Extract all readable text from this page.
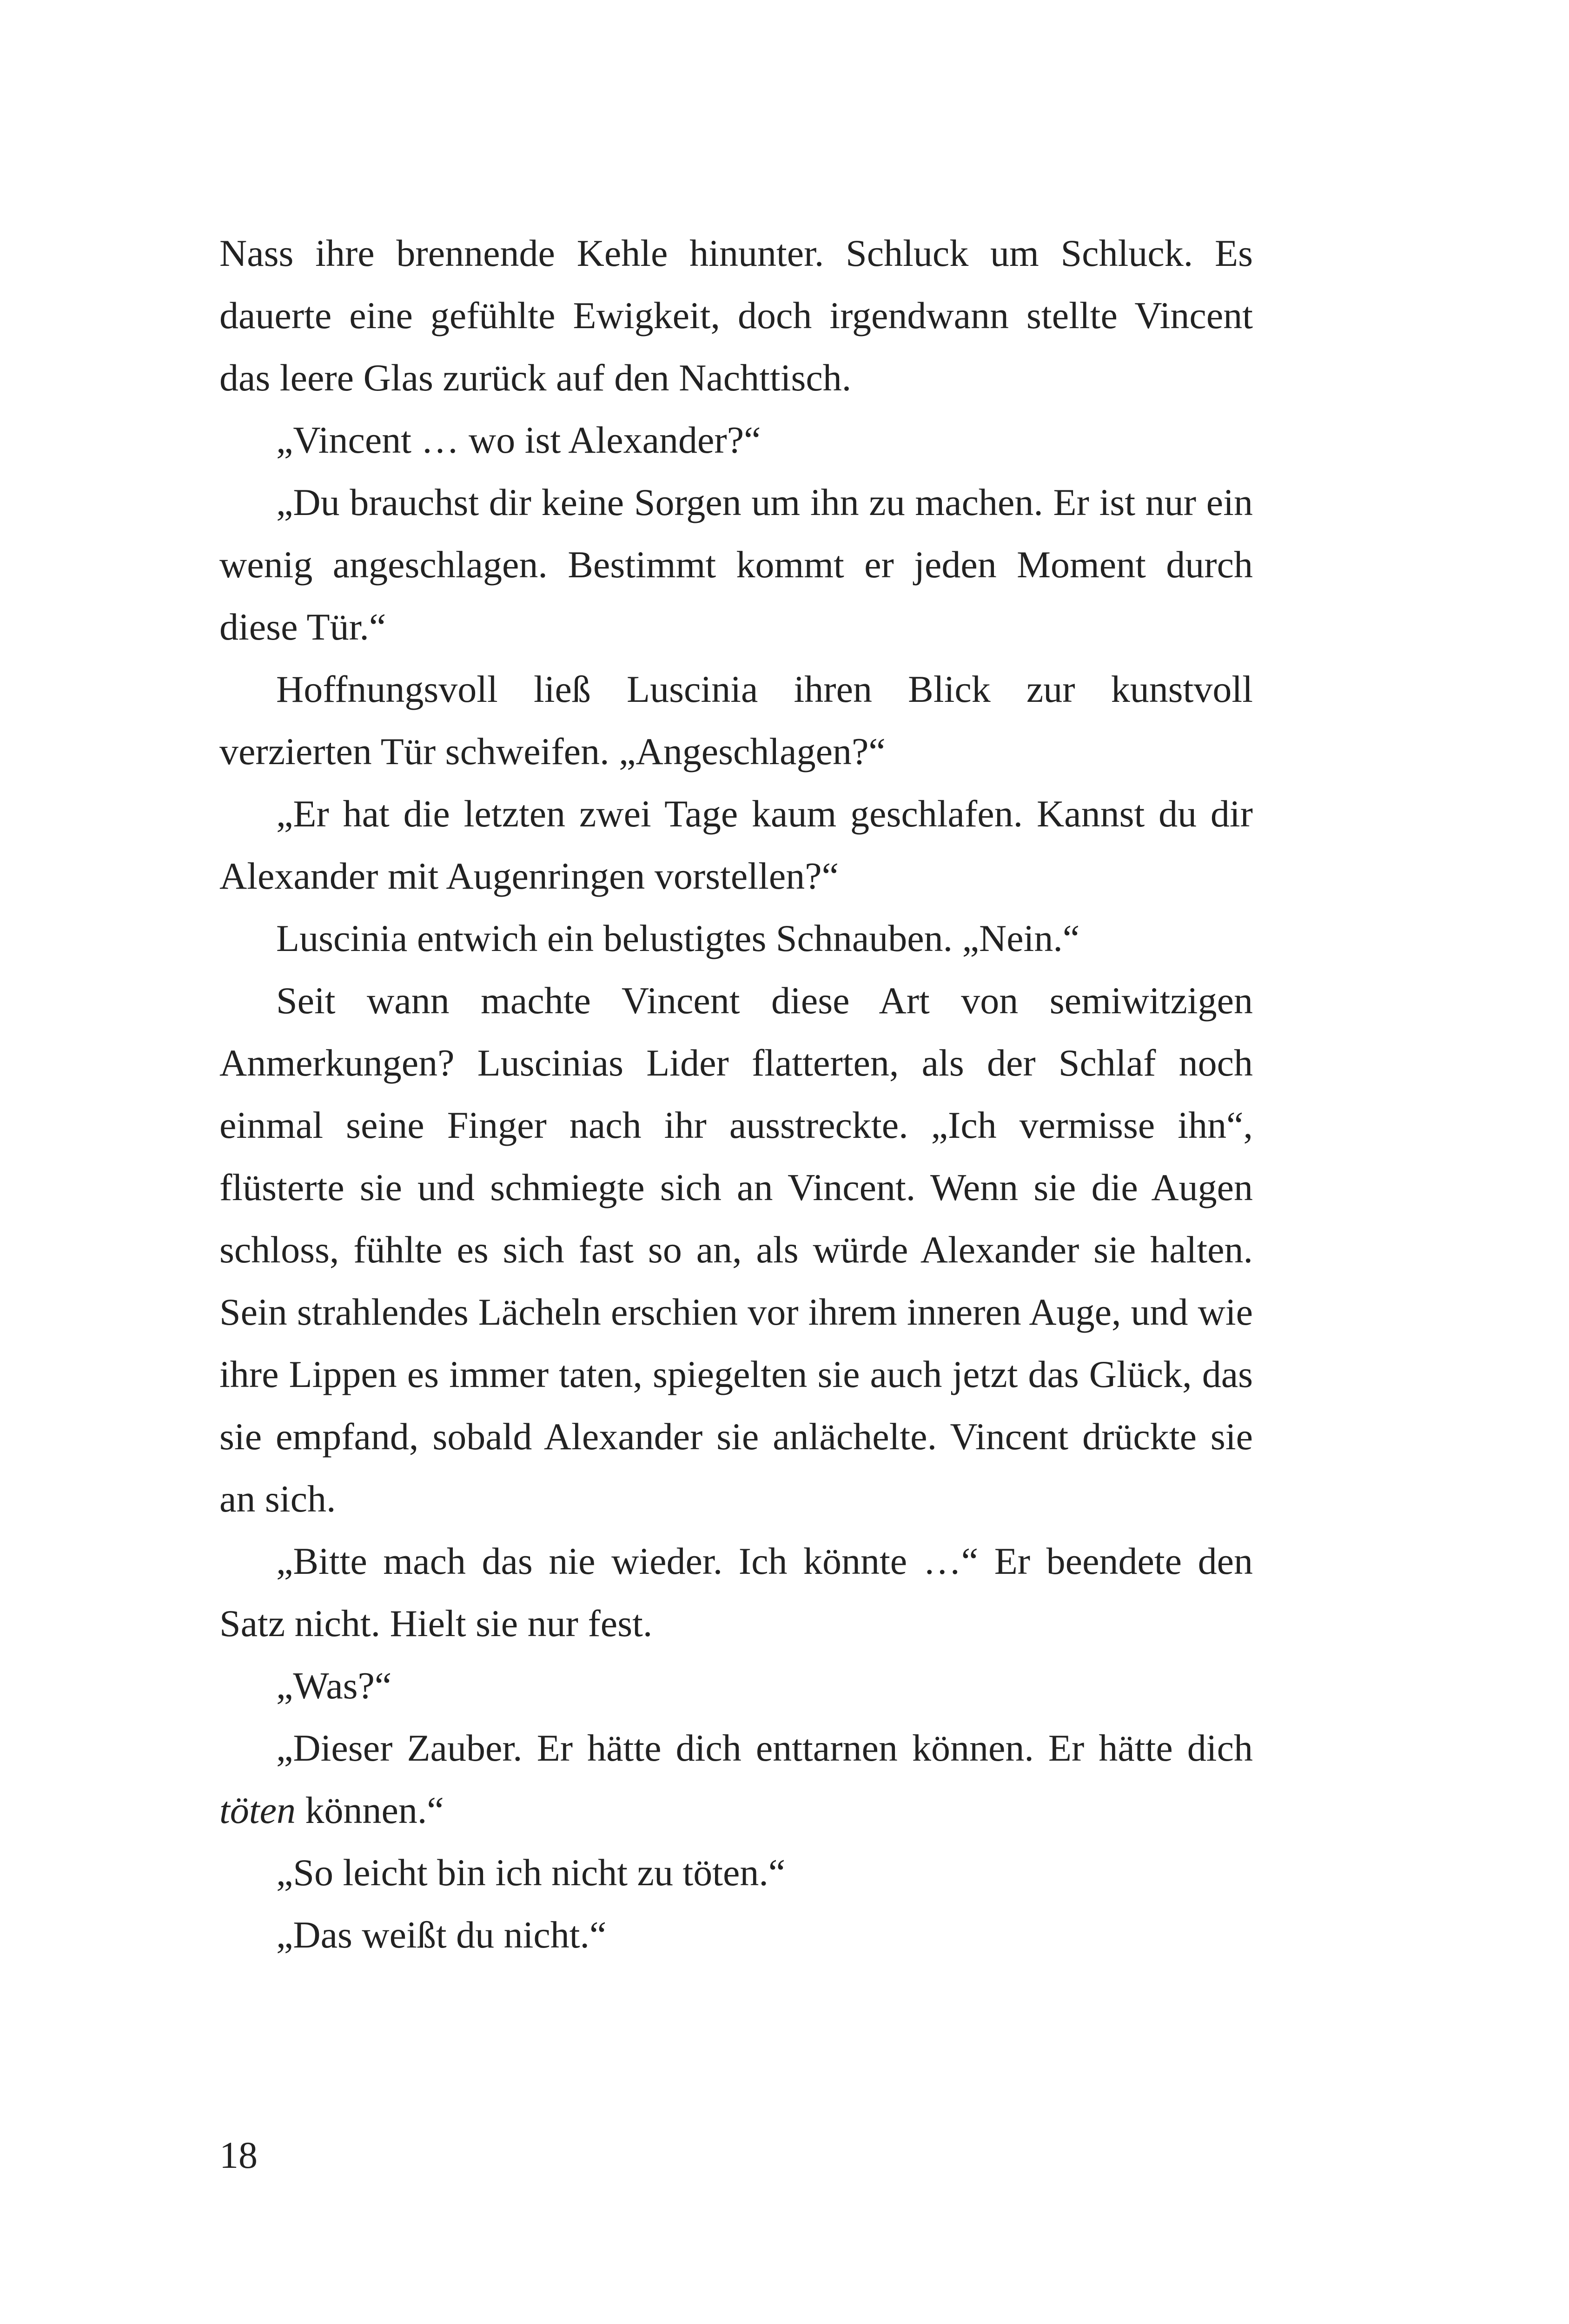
Nass ihre brennende Kehle hinunter. Schluck um Schluck. Es dauerte eine gefühlte Ewigkeit, doch irgendwann stellte Vincent das leere Glas zurück auf den Nachttisch.

„Vincent … wo ist Alexander?“

„Du brauchst dir keine Sorgen um ihn zu machen. Er ist nur ein wenig angeschlagen. Bestimmt kommt er jeden Moment durch diese Tür.“

Hoffnungsvoll ließ Luscinia ihren Blick zur kunstvoll verzierten Tür schweifen. „Angeschlagen?“

„Er hat die letzten zwei Tage kaum geschlafen. Kannst du dir Alexander mit Augenringen vorstellen?“

Luscinia entwich ein belustigtes Schnauben. „Nein.“

Seit wann machte Vincent diese Art von semiwitzigen Anmerkungen? Luscinias Lider flatterten, als der Schlaf noch einmal seine Finger nach ihr ausstreckte. „Ich vermisse ihn“, flüsterte sie und schmiegte sich an Vincent. Wenn sie die Augen schloss, fühlte es sich fast so an, als würde Alexander sie halten. Sein strahlendes Lächeln erschien vor ihrem inneren Auge, und wie ihre Lippen es immer taten, spiegelten sie auch jetzt das Glück, das sie empfand, sobald Alexander sie anlächelte. Vincent drückte sie an sich.

„Bitte mach das nie wieder. Ich könnte …“ Er beendete den Satz nicht. Hielt sie nur fest.

„Was?“

„Dieser Zauber. Er hätte dich enttarnen können. Er hätte dich töten können.“

„So leicht bin ich nicht zu töten.“

„Das weißt du nicht.“

18
